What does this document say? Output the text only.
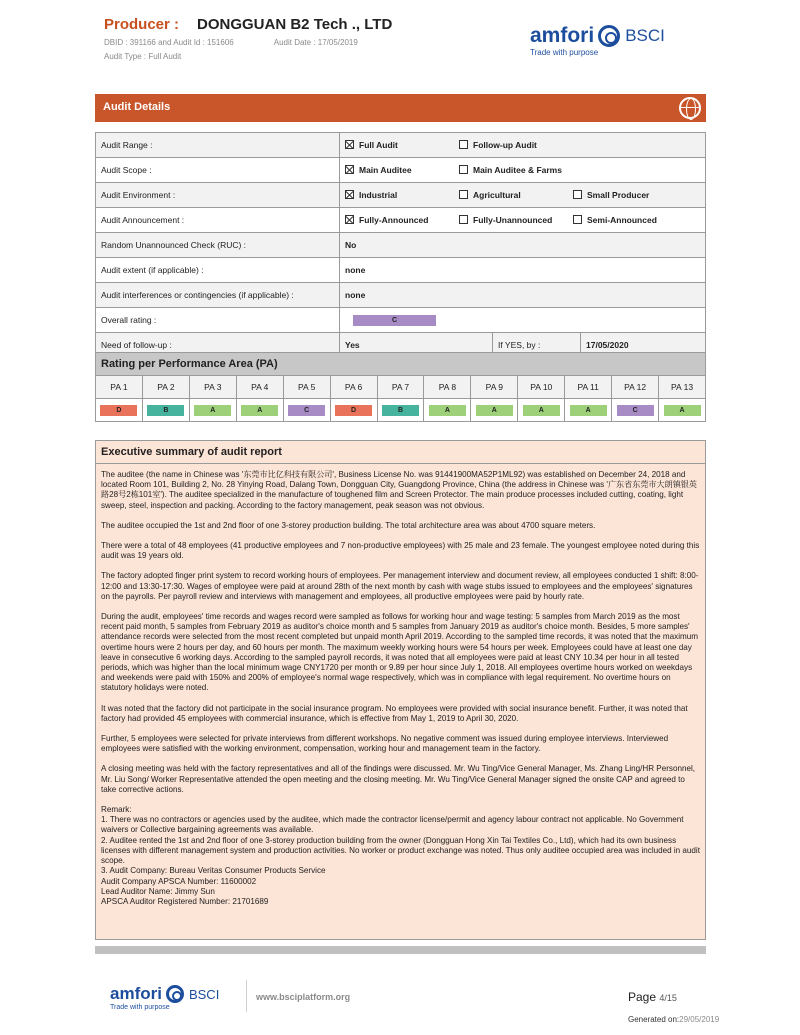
Producer : DONGGUAN B2 Tech ., LTD
DBID : 391166 and Audit Id : 151606	Audit Date : 17/05/2019
Audit Type : Full Audit
amfori BSCI
Trade with purpose
Audit Details
Audit Range :	Full Audit Follow-up Audit		
Audit Scope :	Main Auditee Main Auditee & Farms		
Audit Environment :	Industrial Agricultural Small Producer		
Audit Announcement :	Fully-Announced Fully-Unannounced Semi-Announced		
Random Unannounced Check (RUC) :	No		
Audit extent (if applicable) :	none		
Audit interferences or contingencies (if applicable) :	none		
Overall rating :	C		
Need of follow-up :	Yes	If YES, by :	17/05/2020
Rating per Performance Area (PA)												
PA 1	PA 2	PA 3	PA 4	PA 5	PA 6	PA 7	PA 8	PA 9	PA 10	PA 11	PA 12	PA 13
D	B	A	A	C	D	B	A	A	A	A	C	A
Executive summary of audit report

The auditee (the name in Chinese was '东莞市比亿科技有限公司', Business License No. was 91441900MA52P1ML92) was established on December 24, 2018 and located Room 101, Building 2, No. 28 Yinying Road, Dalang Town, Dongguan City, Guangdong Province, China (the address in Chinese was '广东省东莞市大朗镇银英路28号2栋101室'). The auditee specialized in the manufacture of toughened film and Screen Protector. The main produce processes included cutting, coating, light sweep, steel, inspection and packing. According to the factory management, peak season was not obvious.

The auditee occupied the 1st and 2nd floor of one 3-storey production building. The total architecture area was about 4700 square meters.

There were a total of 48 employees (41 productive employees and 7 non-productive employees) with 25 male and 23 female. The youngest employee noted during this audit was 19 years old.

The factory adopted finger print system to record working hours of employees. Per management interview and document review, all employees conducted 1 shift: 8:00-12:00 and 13:30-17:30. Wages of employee were paid at around 28th of the next month by cash with wage stubs issued to employees and the employees' signatures on the payrolls. Per payroll review and interviews with management and employees, all productive employees were paid by hourly rate.

During the audit, employees' time records and wages record were sampled as follows for working hour and wage testing: 5 samples from March 2019 as the most recent paid month, 5 samples from February 2019 as auditor's choice month and 5 samples from January 2019 as auditor's choice month. Besides, 5 more samples' attendance records were selected from the most recent completed but unpaid month April 2019. According to the sampled time records, it was noted that the maximum overtime hours were 2 hours per day, and 60 hours per month. The maximum weekly working hours were 54 hours per week. Employees could have at least one day leave in consecutive 6 working days. According to the sampled payroll records, it was noted that all employees were paid at least CNY 10.34 per hour in all tested periods, which was higher than the local minimum wage CNY1720 per month or 9.89 per hour since July 1, 2018. All employees overtime hours worked on weekdays and weekends were paid with 150% and 200% of employee's normal wage respectively, which was in compliance with legal requirement. No overtime hours on statutory holidays were noted.

It was noted that the factory did not participate in the social insurance program. No employees were provided with social insurance benefit. Further, it was noted that factory had provided 45 employees with commercial insurance, which is effective from May 1, 2019 to April 30, 2020.

Further, 5 employees were selected for private interviews from different workshops. No negative comment was issued during employee interviews. Interviewed employees were satisfied with the working environment, compensation, working hour and management team in the factory.

A closing meeting was held with the factory representatives and all of the findings were discussed. Mr. Wu Ting/Vice General Manager, Ms. Zhang Ling/HR Personnel, Mr. Liu Song/ Worker Representative attended the open meeting and the closing meeting. Mr. Wu Ting/Vice General Manager signed the onsite CAP and agreed to take corrective actions.

Remark:

1. There was no contractors or agencies used by the auditee, which made the contractor license/permit and agency labour contract not applicable. No Government waivers or Collective bargaining agreements was available.

2. Auditee rented the 1st and 2nd floor of one 3-storey production building from the owner (Dongguan Hong Xin Tai Textiles Co., Ltd), which had its own business licenses with different management system and production activities. No worker or product exchange was noted. Thus only auditee occupied area was included in audit scope.

3. Audit Company: Bureau Veritas Consumer Products Service

Audit Company APSCA Number: 11600002

Lead Auditor Name: Jimmy Sun

APSCA Auditor Registered Number: 21701689

amfori BSCI
Trade with purpose
www.bsciplatform.org	Page 4/15
Generated on:29/05/2019
